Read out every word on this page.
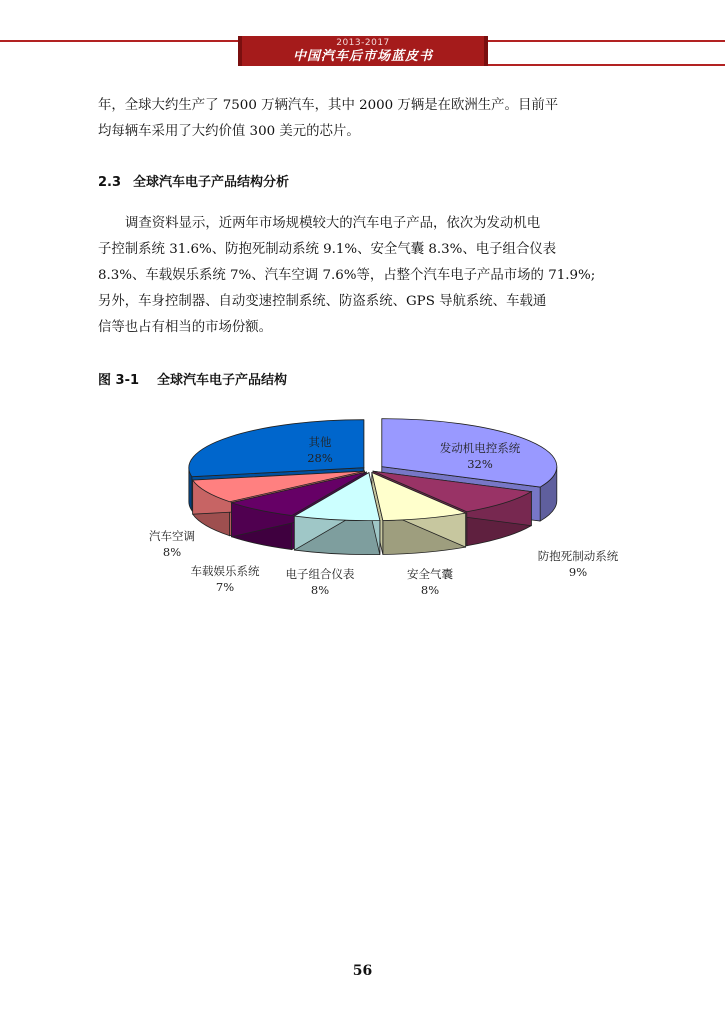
2013-2017
中国汽车后市场蓝皮书

年，全球大约生产了 7500 万辆汽车，其中 2000 万辆是在欧洲生产。目前平
均每辆车采用了大约价值 300 美元的芯片。

2.3 全球汽车电子产品结构分析

调查资料显示，近两年市场规模较大的汽车电子产品，依次为发动机电
子控制系统 31.6%、防抱死制动系统 9.1%、安全气囊 8.3%、电子组合仪表
8.3%、车载娱乐系统 7%、汽车空调 7.6%等，占整个汽车电子产品市场的 71.9%;
另外，车身控制器、自动变速控制系统、防盗系统、GPS 导航系统、车载通
信等也占有相当的市场份额。

图 3-1 全球汽车电子产品结构
发动机电控系统
32%
防抱死制动系统
9%
安全气囊
8%
电子组合仪表
8%
车载娱乐系统
7%
汽车空调
8%
其他
28%
56
